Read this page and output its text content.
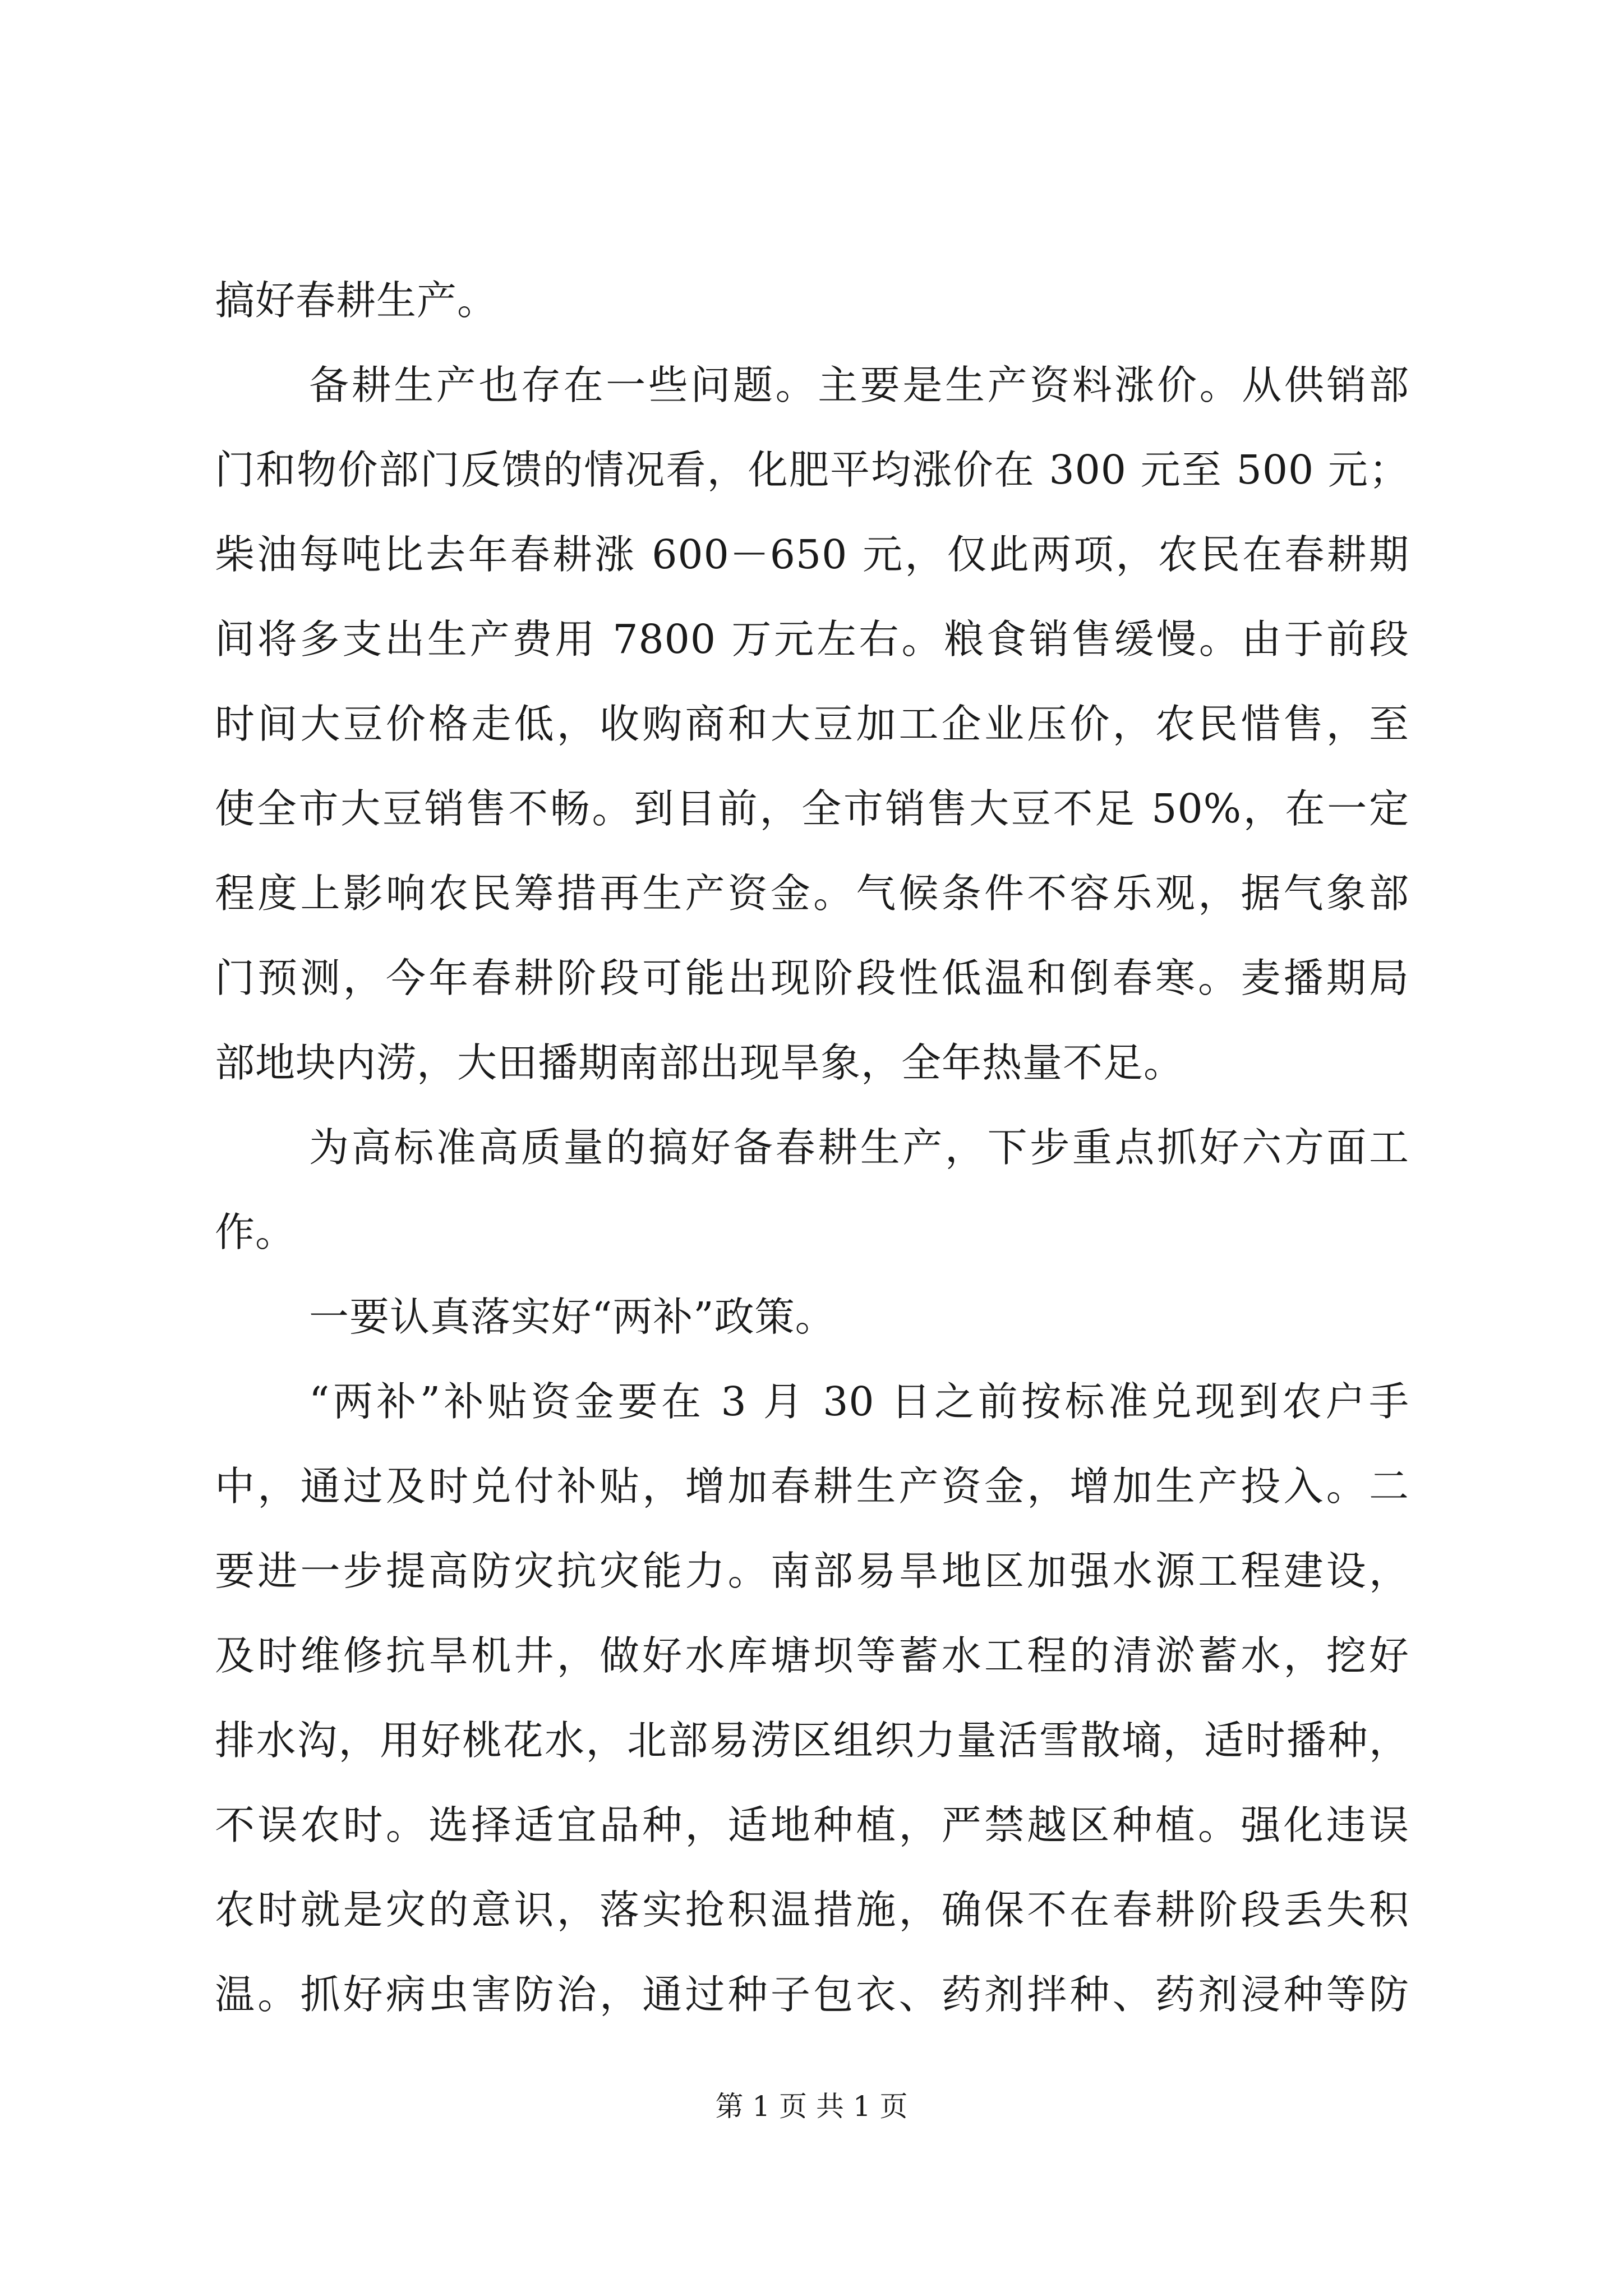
搞好春耕生产。
备耕生产也存在一些问题。主要是生产资料涨价。从供销部
门和物价部门反馈的情况看，化肥平均涨价在 300 元至 500 元；
柴油每吨比去年春耕涨 600－650 元，仅此两项，农民在春耕期
间将多支出生产费用 7800 万元左右。粮食销售缓慢。由于前段
时间大豆价格走低，收购商和大豆加工企业压价，农民惜售，至
使全市大豆销售不畅。到目前，全市销售大豆不足 50%，在一定
程度上影响农民筹措再生产资金。气候条件不容乐观，据气象部
门预测，今年春耕阶段可能出现阶段性低温和倒春寒。麦播期局
部地块内涝，大田播期南部出现旱象，全年热量不足。
为高标准高质量的搞好备春耕生产，下步重点抓好六方面工
作。
一要认真落实好“两补”政策。
“两补”补贴资金要在 3 月 30 日之前按标准兑现到农户手
中，通过及时兑付补贴，增加春耕生产资金，增加生产投入。二
要进一步提高防灾抗灾能力。南部易旱地区加强水源工程建设，
及时维修抗旱机井，做好水库塘坝等蓄水工程的清淤蓄水，挖好
排水沟，用好桃花水，北部易涝区组织力量活雪散墒，适时播种，
不误农时。选择适宜品种，适地种植，严禁越区种植。强化违误
农时就是灾的意识，落实抢积温措施，确保不在春耕阶段丢失积
温。抓好病虫害防治，通过种子包衣、药剂拌种、药剂浸种等防
第 1 页 共 1 页
